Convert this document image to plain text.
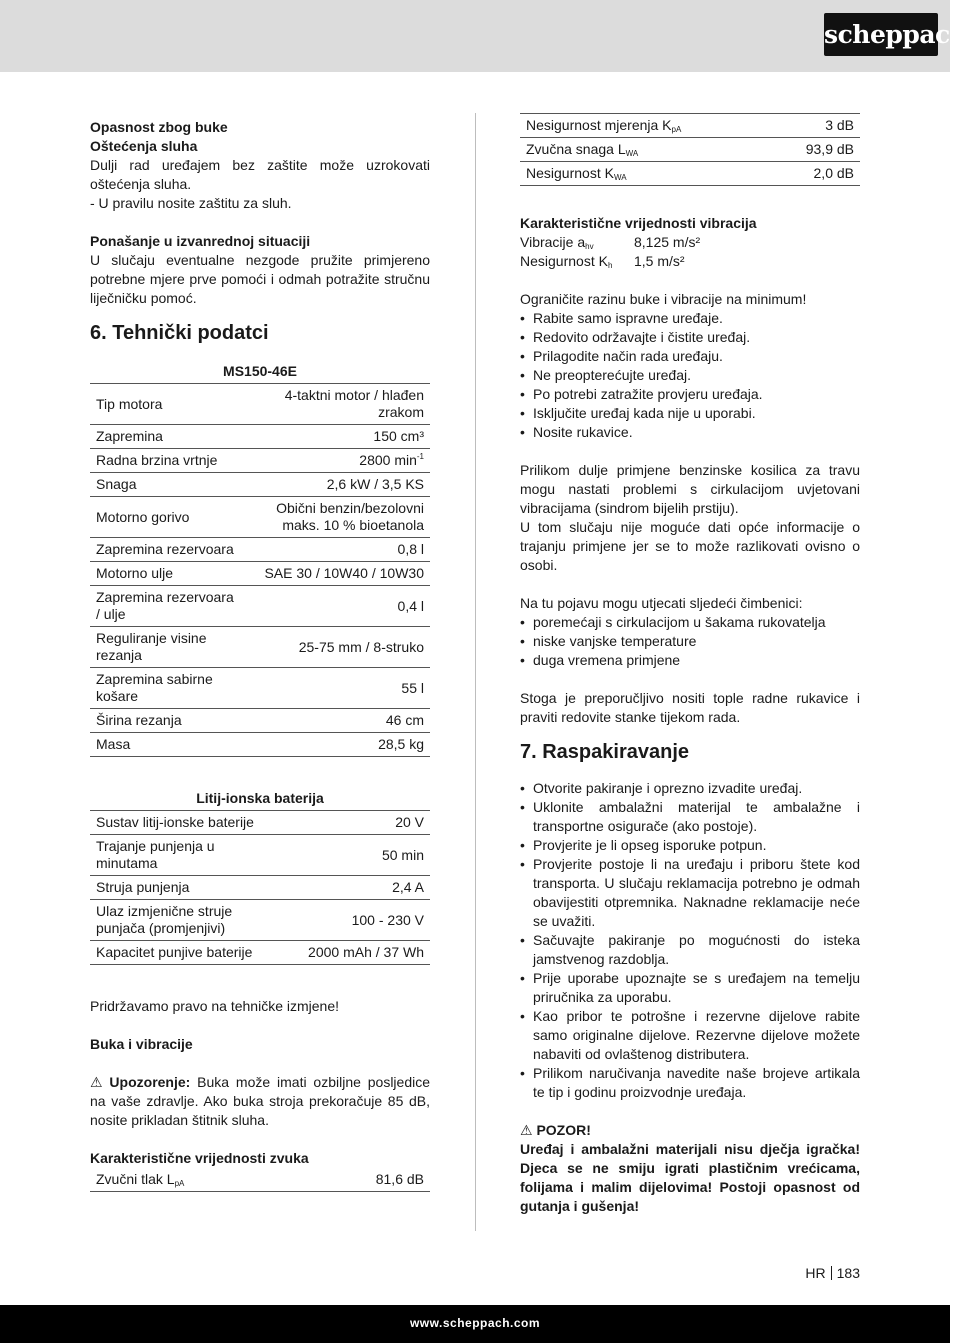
scheppach

Opasnost zbog buke

Oštećenja sluha

Dulji rad uređajem bez zaštite može uzrokovati oštećenja sluha.

- U pravilu nosite zaštitu za sluh.

Ponašanje u izvanrednoj situaciji

U slučaju eventualne nezgode pružite primjereno potrebne mjere prve pomoći i odmah potražite stručnu liječničku pomoć.

6. Tehnički podatci
MS150-46E
Tip motora	4-taktni motor / hlađen zrakom
Zapremina	150 cm³
Radna brzina vrtnje	2800 $\min^{-1}$
Snaga	2,6 kW / 3,5 KS
Motorno gorivo	Obični benzin/bezolovni maks. 10 % bioetanola
Zapremina rezervoara	0,8 l
Motorno ulje	SAE 30 / 10W40 / 10W30
Zapremina rezervoara / ulje	0,4 l
Reguliranje visine rezanja	25-75 mm / 8-struko
Zapremina sabirne košare	55 l
Širina rezanja	46 cm
Masa	28,5 kg
Litij-ionska baterija
Sustav litij-ionske baterije	20 V
Trajanje punjenja u minutama	50 min
Struja punjenja	2,4 A
Ulaz izmjenične struje punjača (promjenjivi)	100 - 230 V
Kapacitet punjive baterije	2000 mAh / 37 Wh

Pridržavamo pravo na tehničke izmjene!

Buka i vibracije

⚠ Upozorenje: Buka može imati ozbiljne posljedice na vaše zdravlje. Ako buka stroja prekoračuje 85 dB, nosite prikladan štitnik sluha.

Karakteristične vrijednosti zvuka

Zvučni tlak $L_{pA}$	81,6 dB
Nesigurnost mjerenja $K_{pA}$	3 dB
Zvučna snaga $L_{WA}$	93,9 dB
Nesigurnost $K_{WA}$	2,0 dB

Karakteristične vrijednosti vibracija

Vibracije $a_{hv}$	8,125 m/s²
Nesigurnost $K_h$	1,5 m/s²

Ograničite razinu buke i vibracije na minimum!

• Rabite samo ispravne uređaje.
• Redovito održavajte i čistite uređaj.
• Prilagodite način rada uređaju.
• Ne preopterećujte uređaj.
• Po potrebi zatražite provjeru uređaja.
• Isključite uređaj kada nije u uporabi.
• Nosite rukavice.

Prilikom dulje primjene benzinske kosilica za travu mogu nastati problemi s cirkulacijom uvjetovani vibracijama (sindrom bijelih prstiju).

U tom slučaju nije moguće dati opće informacije o trajanju primjene jer se to može razlikovati ovisno o osobi.

Na tu pojavu mogu utjecati sljedeći čimbenici:

• poremećaji s cirkulacijom u šakama rukovatelja
• niske vanjske temperature
• duga vremena primjene

Stoga je preporučljivo nositi tople radne rukavice i praviti redovite stanke tijekom rada.

7. Raspakiravanje
• Otvorite pakiranje i oprezno izvadite uređaj.
• Uklonite ambalažni materijal te ambalažne i transportne osigurače (ako postoje).
• Provjerite je li opseg isporuke potpun.
• Provjerite postoje li na uređaju i priboru štete kod transporta. U slučaju reklamacija potrebno je odmah obavijestiti otpremnika. Naknadne reklamacije neće se uvažiti.
• Sačuvajte pakiranje po mogućnosti do isteka jamstvenog razdoblja.
• Prije uporabe upoznajte se s uređajem na temelju priručnika za uporabu.
• Kao pribor te potrošne i rezervne dijelove rabite samo originalne dijelove. Rezervne dijelove možete nabaviti od ovlaštenog distributera.
• Prilikom naručivanja navedite naše brojeve artikala te tip i godinu proizvodnje uređaja.

⚠ POZOR!

Uređaj i ambalažni materijali nisu dječja igračka! Djeca se ne smiju igrati plastičnim vrećicama, folijama i malim dijelovima! Postoji opasnost od gutanja i gušenja!

HR 183
www.scheppach.com
